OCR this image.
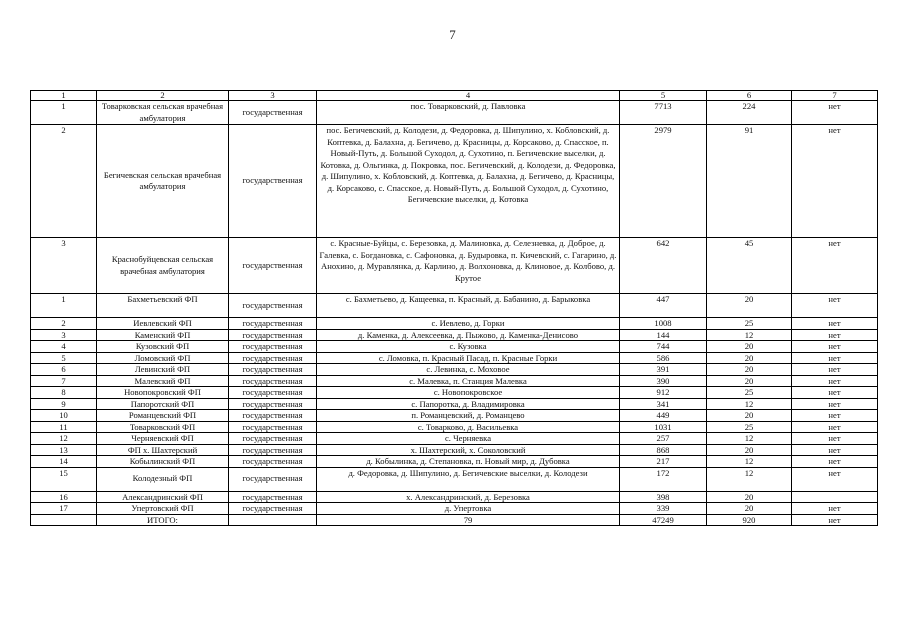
7
1	2	3	4	5	6	7
1	Товарковская сельская врачебная амбулатория	государственная	пос. Товарковский, д. Павловка	7713	224	нет
2	Бегичевская сельская врачебная амбулатория	государственная	пос. Бегичевский, д. Колодези, д. Федоровка, д. Шипулино, х. Кобловский, д. Коптевка, д. Балахна, д. Бегичево, д. Красницы, д. Корсаково, д. Спасское, п. Новый-Путь, д. Большой Суходол, д. Сухотино, п. Бегичевские выселки, д. Котовка, д. Ольгинка, д. Покровка, пос. Бегичевский, д. Колодези, д. Федоровка, д. Шипулино, х. Кобловский, д. Коптевка, д. Балахна, д. Бегичево, д. Красницы, д. Корсаково, с. Спасское, д. Новый-Путь, д. Большой Суходол, д. Сухотино, Бегичевские выселки, д. Котовка	2979	91	нет
3	Краснобуйцевская сельская врачебная амбулатория	государственная	с. Красные-Буйцы, с. Березовка, д. Малиновка, д. Селезневка, д. Доброе, д. Галевка, с. Богдановка, с. Сафоновка, д. Будыровка, п. Кичевский, с. Гагарино, д. Анохино, д. Муравлянка, д. Карлино, д. Волхоновка, д. Клиновое, д. Колбово, д. Крутое	642	45	нет
1	Бахметьевский ФП	государственная	с. Бахметьево, д. Кащеевка, п. Красный, д. Бабанино, д. Барыковка	447	20	нет
2	Иевлевский ФП	государственная	с. Иевлево, д. Горки	1008	25	нет
3	Каменский ФП	государственная	д. Каменка, д. Алексеевка, д. Пыжово, д. Каменка-Денисово	144	12	нет
4	Кузовский ФП	государственная	с. Кузовка	744	20	нет
5	Ломовский ФП	государственная	с. Ломовка, п. Красный Пасад, п. Красные Горки	586	20	нет
6	Левинский ФП	государственная	с. Левинка, с. Моховое	391	20	нет
7	Малевский ФП	государственная	с. Малевка, п. Станция Малевка	390	20	нет
8	Новопокровский ФП	государственная	с. Новопокровское	912	25	нет
9	Папоротский ФП	государственная	с. Папоротка, д. Владимировка	341	12	нет
10	Романцевский ФП	государственная	п. Романцевский, д. Романцево	449	20	нет
11	Товарковский ФП	государственная	с. Товарково, д. Васильевка	1031	25	нет
12	Черняевский ФП	государственная	с. Черняевка	257	12	нет
13	ФП х. Шахтерский	государственная	х. Шахтерский, х. Соколовский	868	20	нет
14	Кобылинский ФП	государственная	д. Кобылинка, д. Степановка, п. Новый мир, д. Дубовка	217	12	нет
15	Колодезный ФП	государственная	д. Федоровка, д. Шипулино, д. Бегичевские выселки, д. Колодези	172	12	нет
16	Александринский ФП	государственная	х. Александринский, д. Березовка	398	20	
17	Упертовский ФП	государственная	д. Упертовка	339	20	нет
	ИТОГО:		79	47249	920	нет
